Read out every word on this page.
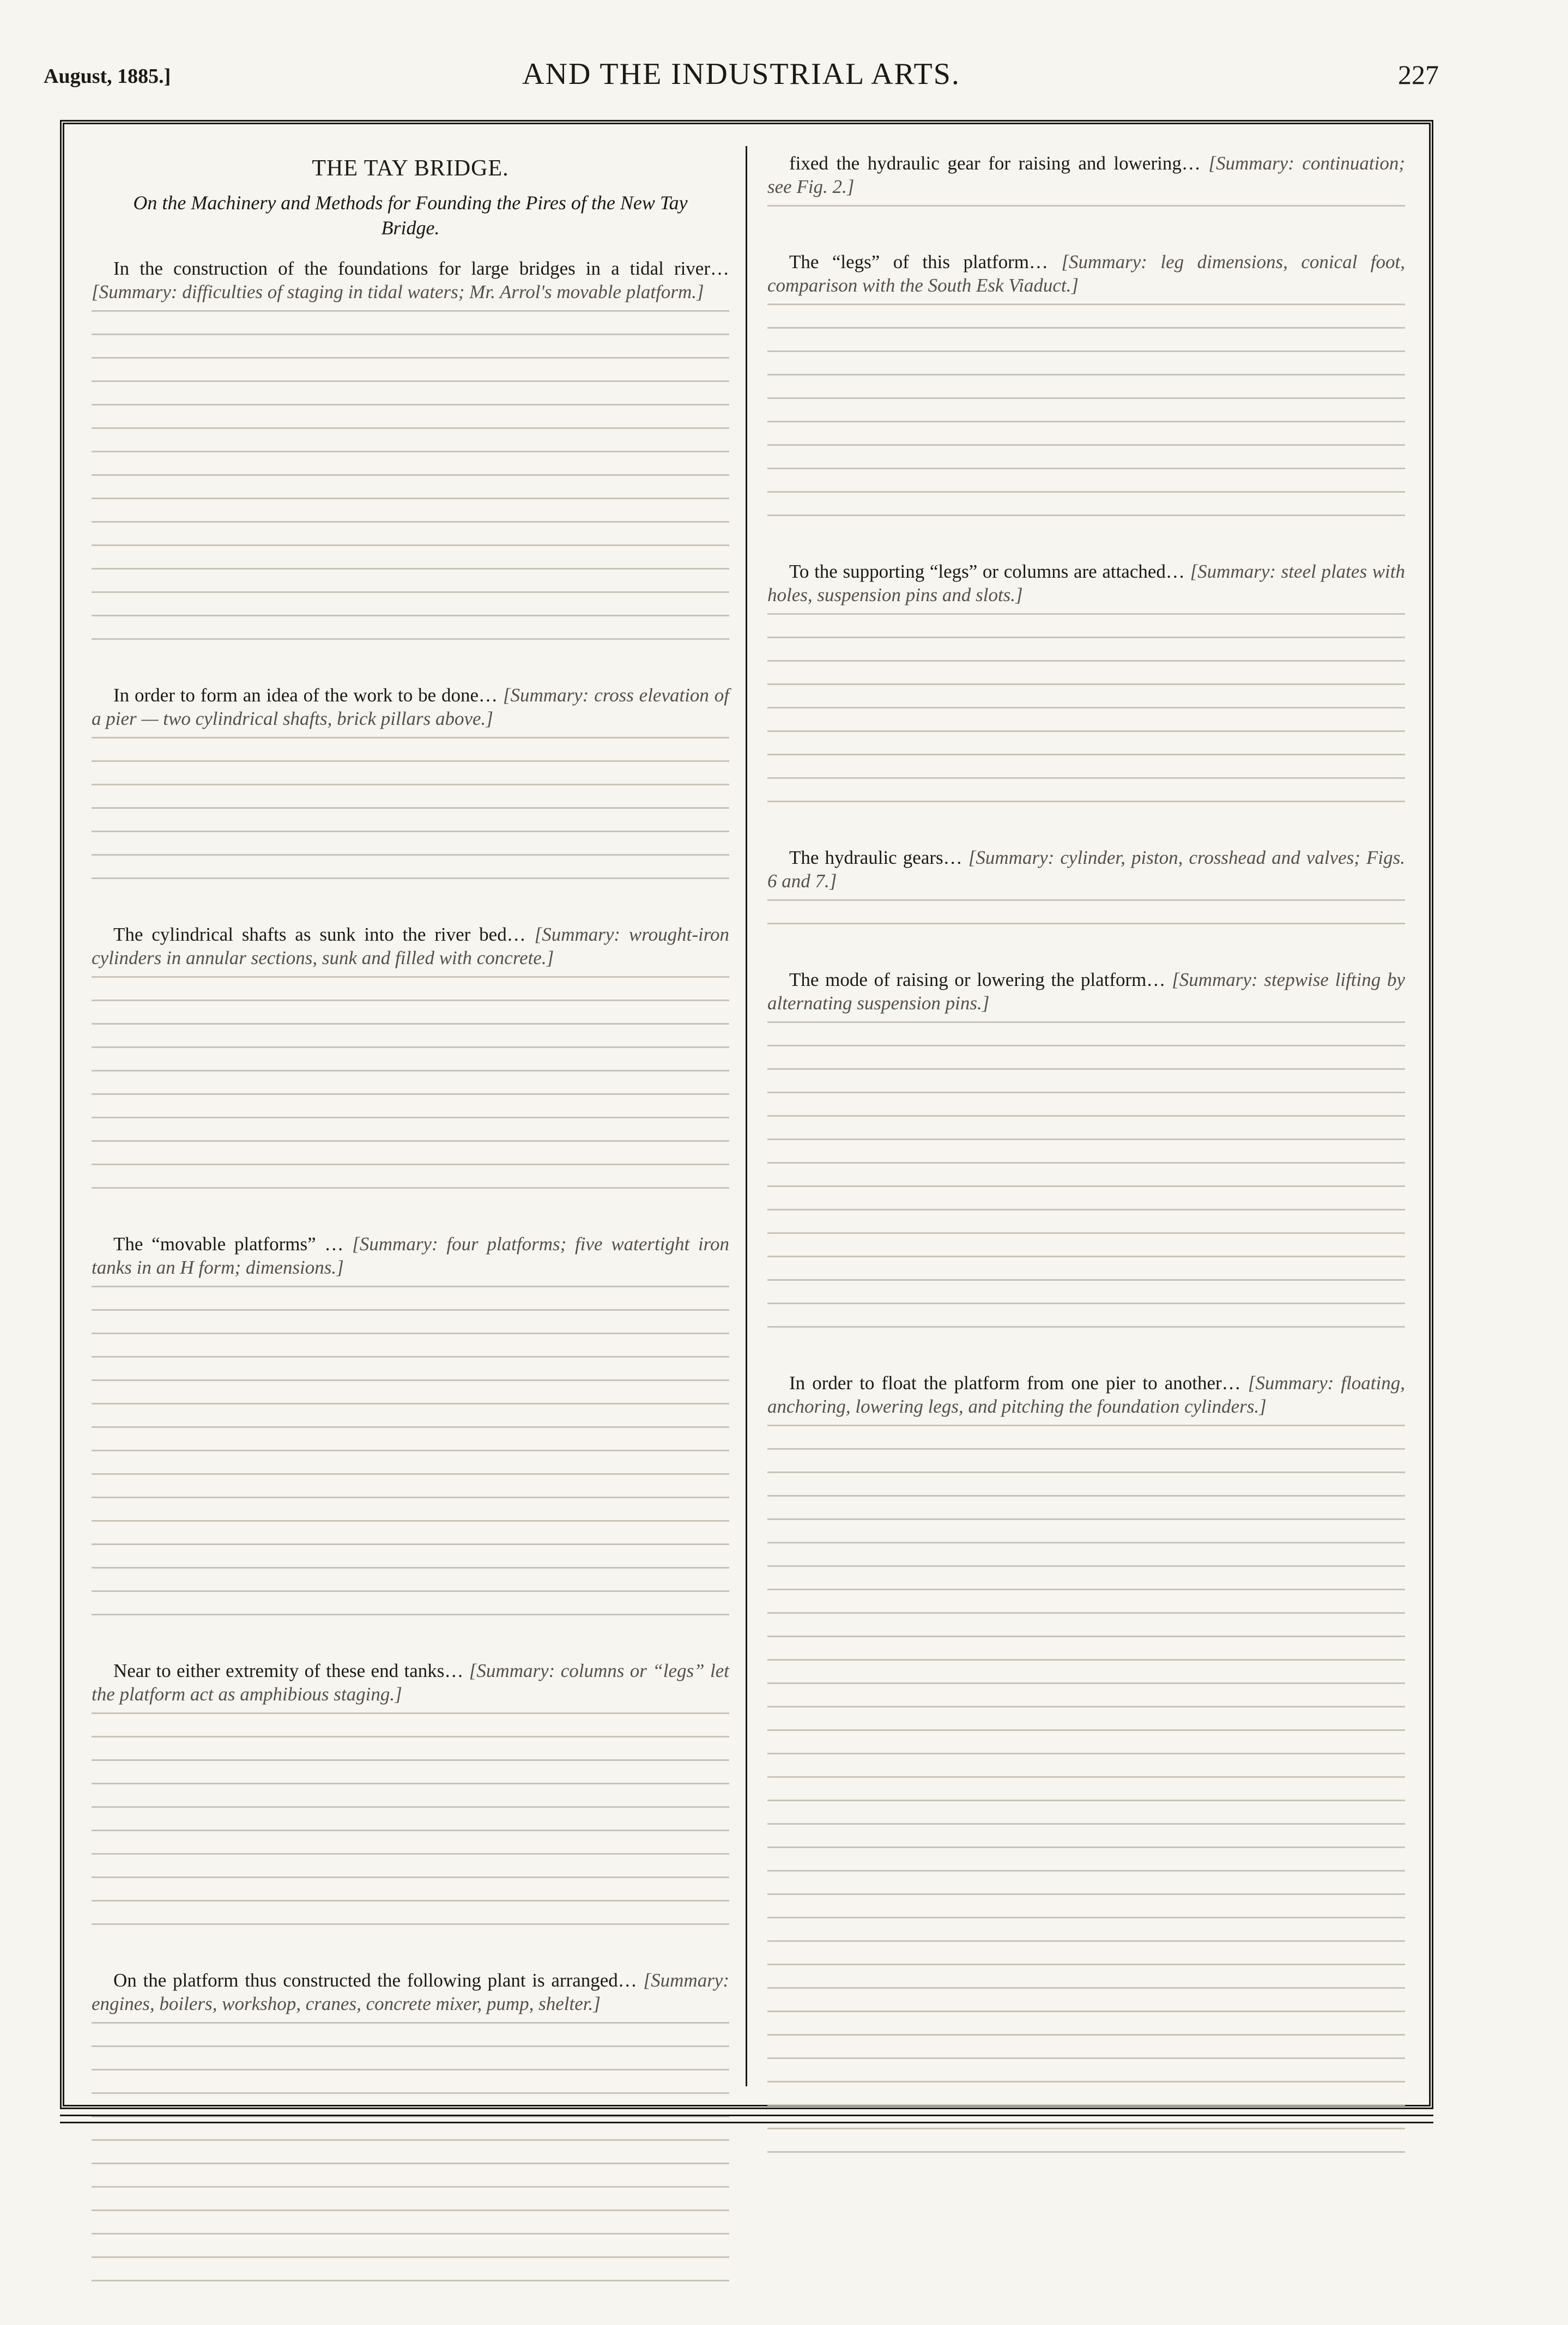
August, 1885.]	AND THE INDUSTRIAL ARTS.	227
THE TAY BRIDGE.
On the Machinery and Methods for Founding the Pires of the New Tay Bridge.
In the construction of the foundations for large bridges in a tidal river… [Summary: difficulties of staging in tidal waters; Mr. Arrol's movable platform.]
In order to form an idea of the work to be done… [Summary: cross elevation of a pier — two cylindrical shafts, brick pillars above.]
The cylindrical shafts as sunk into the river bed… [Summary: wrought-iron cylinders in annular sections, sunk and filled with concrete.]
The “movable platforms” … [Summary: four platforms; five watertight iron tanks in an H form; dimensions.]
Near to either extremity of these end tanks… [Summary: columns or “legs” let the platform act as amphibious staging.]
On the platform thus constructed the following plant is arranged… [Summary: engines, boilers, workshop, cranes, concrete mixer, pump, shelter.]
fixed the hydraulic gear for raising and lowering… [Summary: continuation; see Fig. 2.]
The “legs” of this platform… [Summary: leg dimensions, conical foot, comparison with the South Esk Viaduct.]
To the supporting “legs” or columns are attached… [Summary: steel plates with holes, suspension pins and slots.]
The hydraulic gears… [Summary: cylinder, piston, crosshead and valves; Figs. 6 and 7.]
The mode of raising or lowering the platform… [Summary: stepwise lifting by alternating suspension pins.]
In order to float the platform from one pier to another… [Summary: floating, anchoring, lowering legs, and pitching the foundation cylinders.]
